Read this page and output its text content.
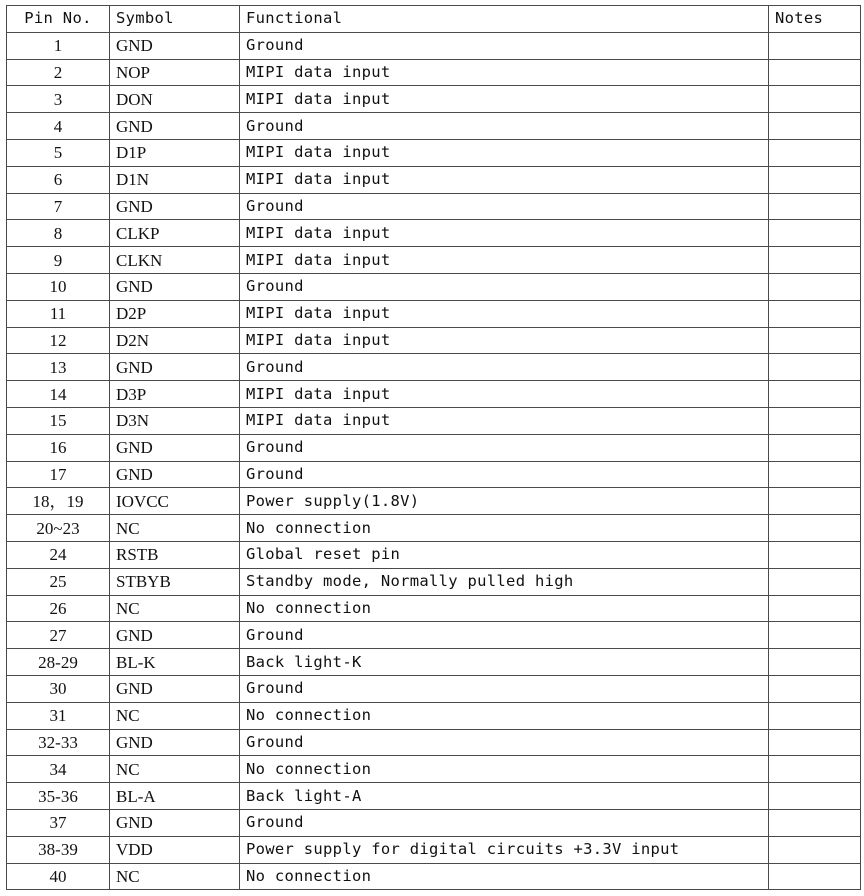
Pin No.	Symbol	Functional	Notes
1	GND	Ground	
2	NOP	MIPI data input	
3	DON	MIPI data input	
4	GND	Ground	
5	D1P	MIPI data input	
6	D1N	MIPI data input	
7	GND	Ground	
8	CLKP	MIPI data input	
9	CLKN	MIPI data input	
10	GND	Ground	
11	D2P	MIPI data input	
12	D2N	MIPI data input	
13	GND	Ground	
14	D3P	MIPI data input	
15	D3N	MIPI data input	
16	GND	Ground	
17	GND	Ground	
18，19	IOVCC	Power supply(1.8V)	
20~23	NC	No connection	
24	RSTB	Global reset pin	
25	STBYB	Standby mode, Normally pulled high	
26	NC	No connection	
27	GND	Ground	
28-29	BL-K	Back light-K	
30	GND	Ground	
31	NC	No connection	
32-33	GND	Ground	
34	NC	No connection	
35-36	BL-A	Back light-A	
37	GND	Ground	
38-39	VDD	Power supply for digital circuits +3.3V input	
40	NC	No connection	
